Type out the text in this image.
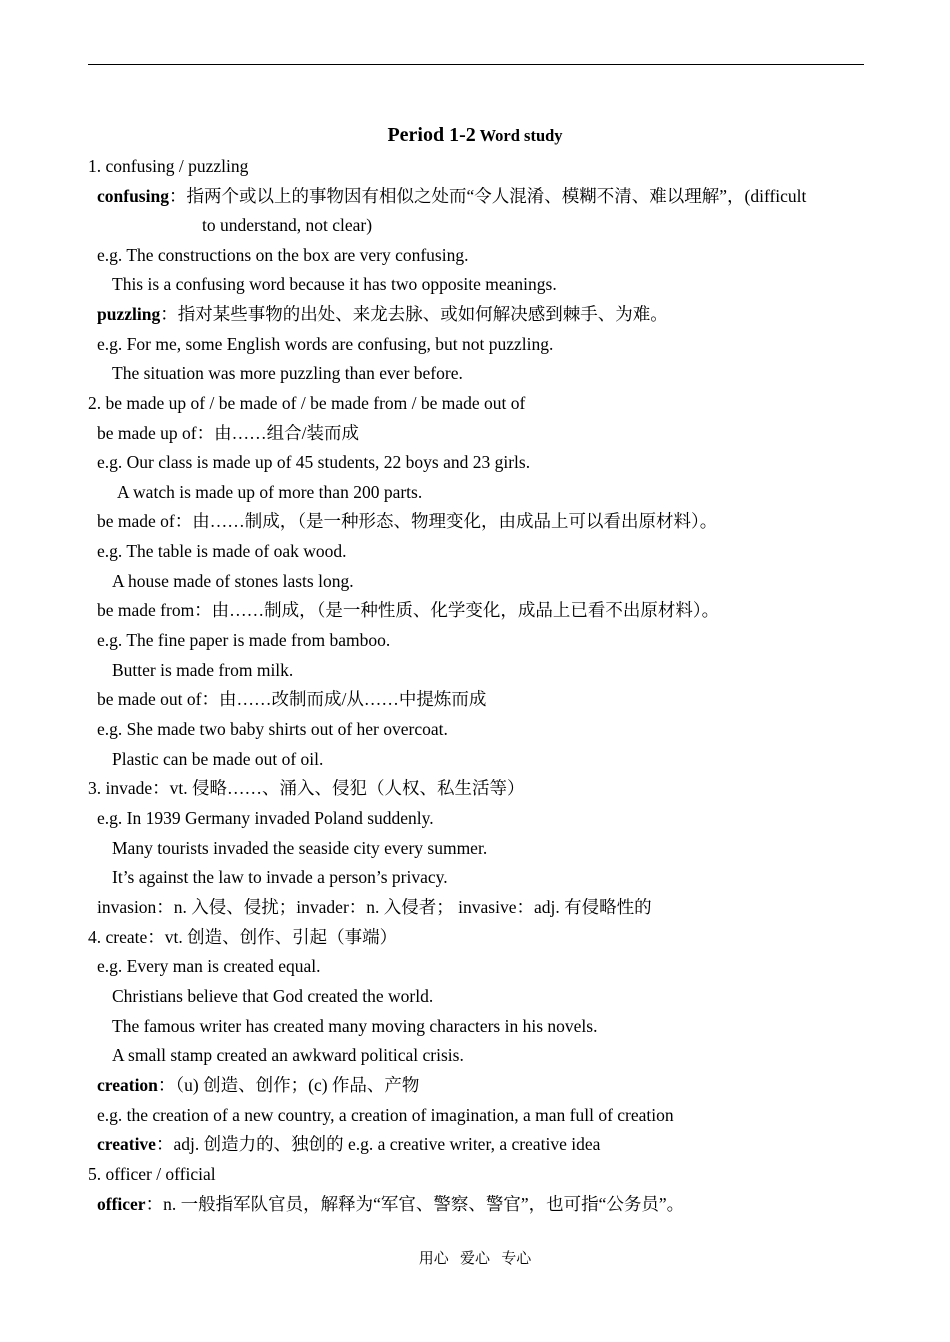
Period 1-2 Word study
1. confusing / puzzling
confusing：指两个或以上的事物因有相似之处而“令人混淆、模糊不清、难以理解”，(difficult
to understand, not clear)
e.g. The constructions on the box are very confusing.
This is a confusing word because it has two opposite meanings.
puzzling：指对某些事物的出处、来龙去脉、或如何解决感到棘手、为难。
e.g. For me, some English words are confusing, but not puzzling.
The situation was more puzzling than ever before.
2. be made up of / be made of / be made from / be made out of
be made up of：由……组合/装而成
e.g. Our class is made up of 45 students, 22 boys and 23 girls.
A watch is made up of more than 200 parts.
be made of：由……制成，（是一种形态、物理变化，由成品上可以看出原材料）。
e.g. The table is made of oak wood.
A house made of stones lasts long.
be made from：由……制成，（是一种性质、化学变化，成品上已看不出原材料）。
e.g. The fine paper is made from bamboo.
Butter is made from milk.
be made out of：由……改制而成/从……中提炼而成
e.g. She made two baby shirts out of her overcoat.
Plastic can be made out of oil.
3. invade：vt. 侵略……、涌入、侵犯（人权、私生活等）
e.g. In 1939 Germany invaded Poland suddenly.
Many tourists invaded the seaside city every summer.
It’s against the law to invade a person’s privacy.
invasion：n. 入侵、侵扰；invader：n. 入侵者； invasive：adj. 有侵略性的
4. create：vt. 创造、创作、引起（事端）
e.g. Every man is created equal.
Christians believe that God created the world.
The famous writer has created many moving characters in his novels.
A small stamp created an awkward political crisis.
creation：（u) 创造、创作；(c) 作品、产物
e.g. the creation of a new country, a creation of imagination, a man full of creation
creative：adj. 创造力的、独创的 e.g. a creative writer, a creative idea
5. officer / official
officer：n. 一般指军队官员，解释为“军官、警察、警官”，也可指“公务员”。
用心   爱心   专心
